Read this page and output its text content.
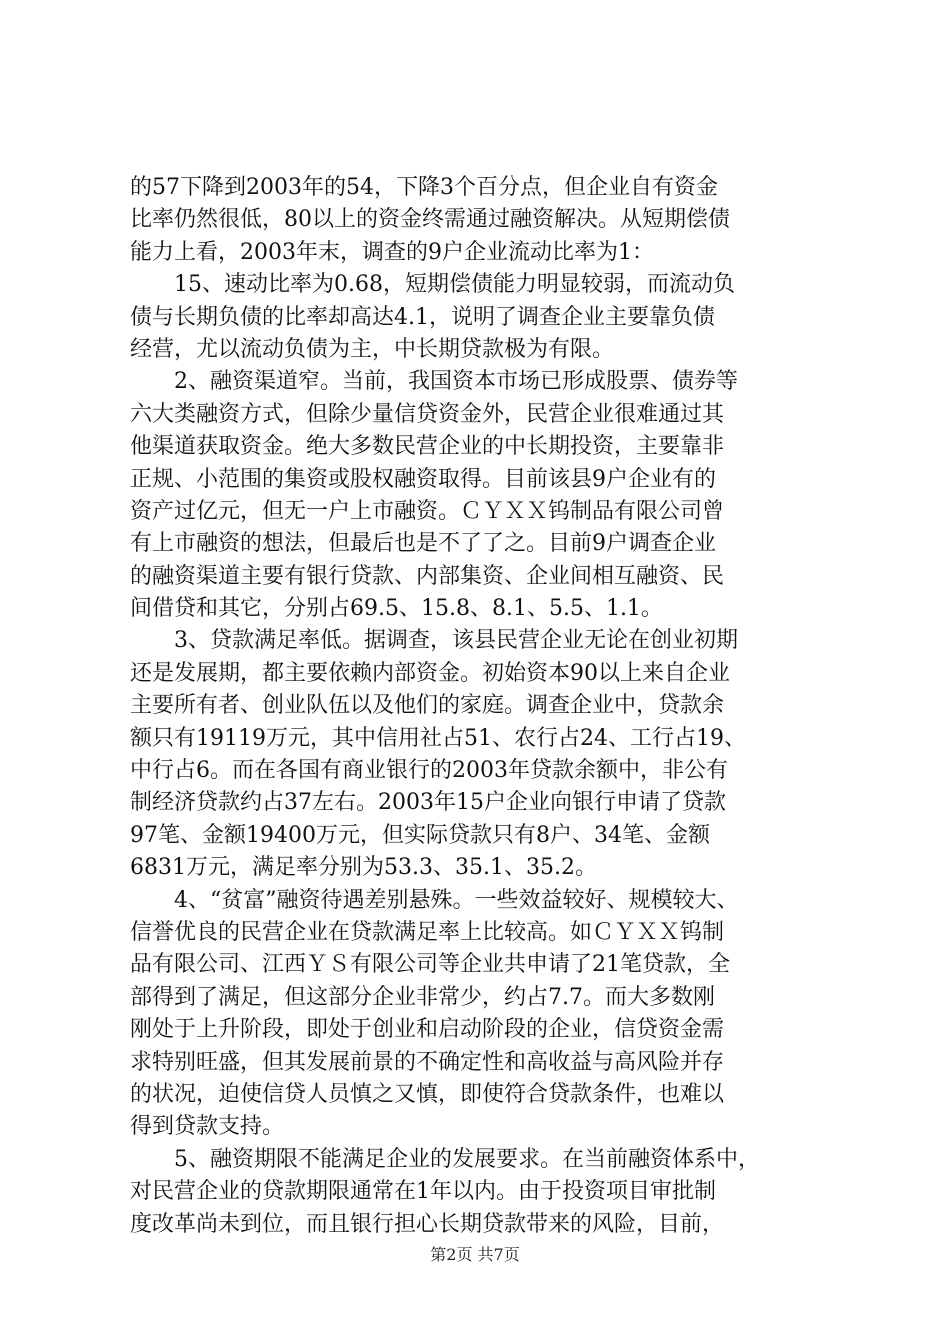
的57下降到2003年的54，下降3个百分点，但企业自有资金
比率仍然很低，80以上的资金终需通过融资解决。从短期偿债
能力上看，2003年末，调查的9户企业流动比率为1：
15、速动比率为0.68，短期偿债能力明显较弱，而流动负
债与长期负债的比率却高达4.1，说明了调查企业主要靠负债
经营，尤以流动负债为主，中长期贷款极为有限。
2、融资渠道窄。当前，我国资本市场已形成股票、债券等
六大类融资方式，但除少量信贷资金外，民营企业很难通过其
他渠道获取资金。绝大多数民营企业的中长期投资，主要靠非
正规、小范围的集资或股权融资取得。目前该县9户企业有的
资产过亿元，但无一户上市融资。ＣＹＸＸ钨制品有限公司曾
有上市融资的想法，但最后也是不了了之。目前9户调查企业
的融资渠道主要有银行贷款、内部集资、企业间相互融资、民
间借贷和其它，分别占69.5、15.8、8.1、5.5、1.1。
3、贷款满足率低。据调查，该县民营企业无论在创业初期
还是发展期，都主要依赖内部资金。初始资本90以上来自企业
主要所有者、创业队伍以及他们的家庭。调查企业中，贷款余
额只有19119万元，其中信用社占51、农行占24、工行占19、
中行占6。而在各国有商业银行的2003年贷款余额中，非公有
制经济贷款约占37左右。2003年15户企业向银行申请了贷款
97笔、金额19400万元，但实际贷款只有8户、34笔、金额
6831万元，满足率分别为53.3、35.1、35.2。
4、“贫富”融资待遇差别悬殊。一些效益较好、规模较大、
信誉优良的民营企业在贷款满足率上比较高。如ＣＹＸＸ钨制
品有限公司、江西ＹＳ有限公司等企业共申请了21笔贷款，全
部得到了满足，但这部分企业非常少，约占7.7。而大多数刚
刚处于上升阶段，即处于创业和启动阶段的企业，信贷资金需
求特别旺盛，但其发展前景的不确定性和高收益与高风险并存
的状况，迫使信贷人员慎之又慎，即使符合贷款条件，也难以
得到贷款支持。
5、融资期限不能满足企业的发展要求。在当前融资体系中，
对民营企业的贷款期限通常在1年以内。由于投资项目审批制
度改革尚未到位，而且银行担心长期贷款带来的风险，目前，
第2页 共7页
